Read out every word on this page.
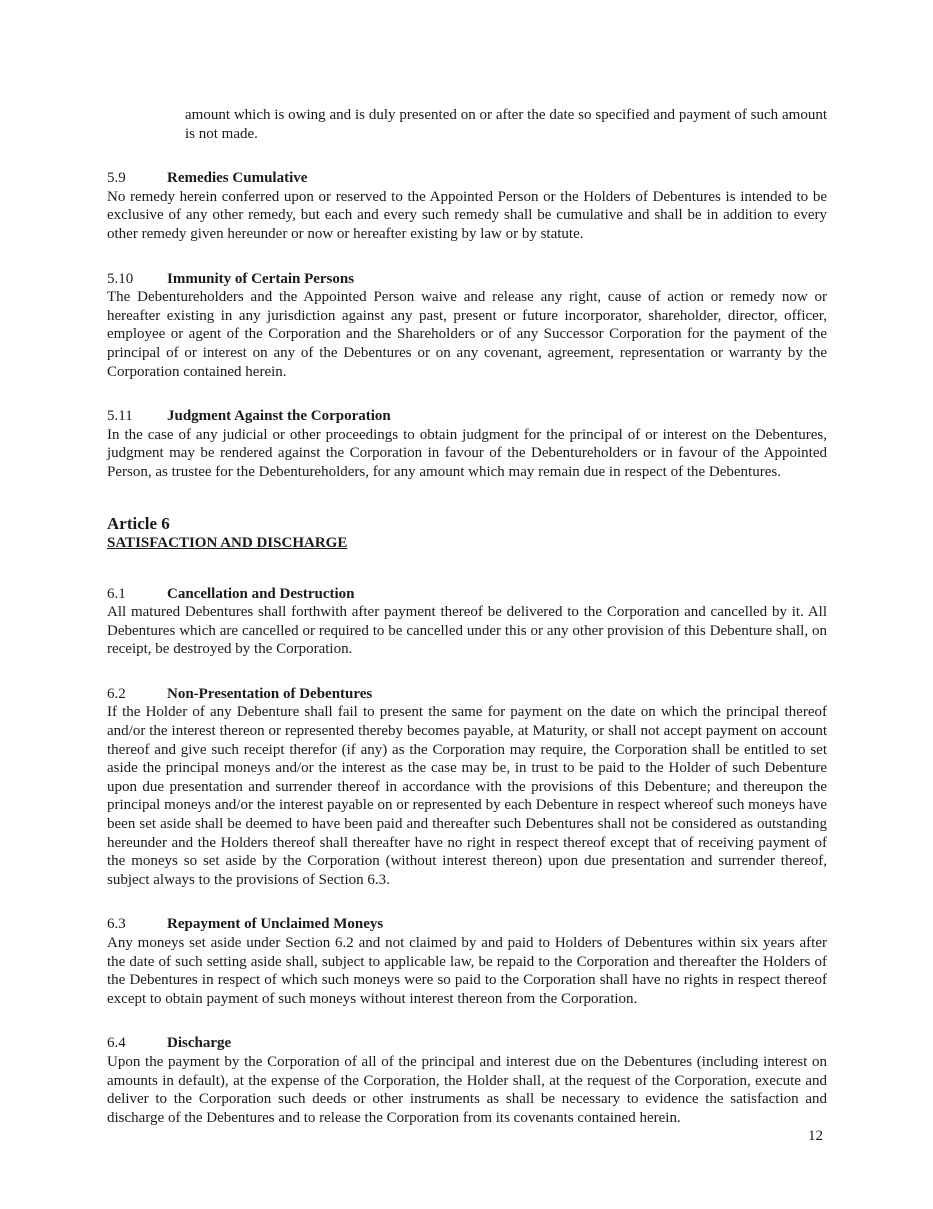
amount which is owing and is duly presented on or after the date so specified and payment of such amount is not made.

5.9	Remedies Cumulative

No remedy herein conferred upon or reserved to the Appointed Person or the Holders of Debentures is intended to be exclusive of any other remedy, but each and every such remedy shall be cumulative and shall be in addition to every other remedy given hereunder or now or hereafter existing by law or by statute.

5.10	Immunity of Certain Persons

The Debentureholders and the Appointed Person waive and release any right, cause of action or remedy now or hereafter existing in any jurisdiction against any past, present or future incorporator, shareholder, director, officer, employee or agent of the Corporation and the Shareholders or of any Successor Corporation for the payment of the principal of or interest on any of the Debentures or on any covenant, agreement, representation or warranty by the Corporation contained herein.

5.11	Judgment Against the Corporation

In the case of any judicial or other proceedings to obtain judgment for the principal of or interest on the Debentures, judgment may be rendered against the Corporation in favour of the Debentureholders or in favour of the Appointed Person, as trustee for the Debentureholders, for any amount which may remain due in respect of the Debentures.

Article 6
SATISFACTION AND DISCHARGE
6.1	Cancellation and Destruction

All matured Debentures shall forthwith after payment thereof be delivered to the Corporation and cancelled by it. All Debentures which are cancelled or required to be cancelled under this or any other provision of this Debenture shall, on receipt, be destroyed by the Corporation.

6.2	Non-Presentation of Debentures

If the Holder of any Debenture shall fail to present the same for payment on the date on which the principal thereof and/or the interest thereon or represented thereby becomes payable, at Maturity, or shall not accept payment on account thereof and give such receipt therefor (if any) as the Corporation may require, the Corporation shall be entitled to set aside the principal moneys and/or the interest as the case may be, in trust to be paid to the Holder of such Debenture upon due presentation and surrender thereof in accordance with the provisions of this Debenture; and thereupon the principal moneys and/or the interest payable on or represented by each Debenture in respect whereof such moneys have been set aside shall be deemed to have been paid and thereafter such Debentures shall not be considered as outstanding hereunder and the Holders thereof shall thereafter have no right in respect thereof except that of receiving payment of the moneys so set aside by the Corporation (without interest thereon) upon due presentation and surrender thereof, subject always to the provisions of Section 6.3.

6.3	Repayment of Unclaimed Moneys

Any moneys set aside under Section 6.2 and not claimed by and paid to Holders of Debentures within six years after the date of such setting aside shall, subject to applicable law, be repaid to the Corporation and thereafter the Holders of the Debentures in respect of which such moneys were so paid to the Corporation shall have no rights in respect thereof except to obtain payment of such moneys without interest thereon from the Corporation.

6.4	Discharge

Upon the payment by the Corporation of all of the principal and interest due on the Debentures (including interest on amounts in default), at the expense of the Corporation, the Holder shall, at the request of the Corporation, execute and deliver to the Corporation such deeds or other instruments as shall be necessary to evidence the satisfaction and discharge of the Debentures and to release the Corporation from its covenants contained herein.

12
